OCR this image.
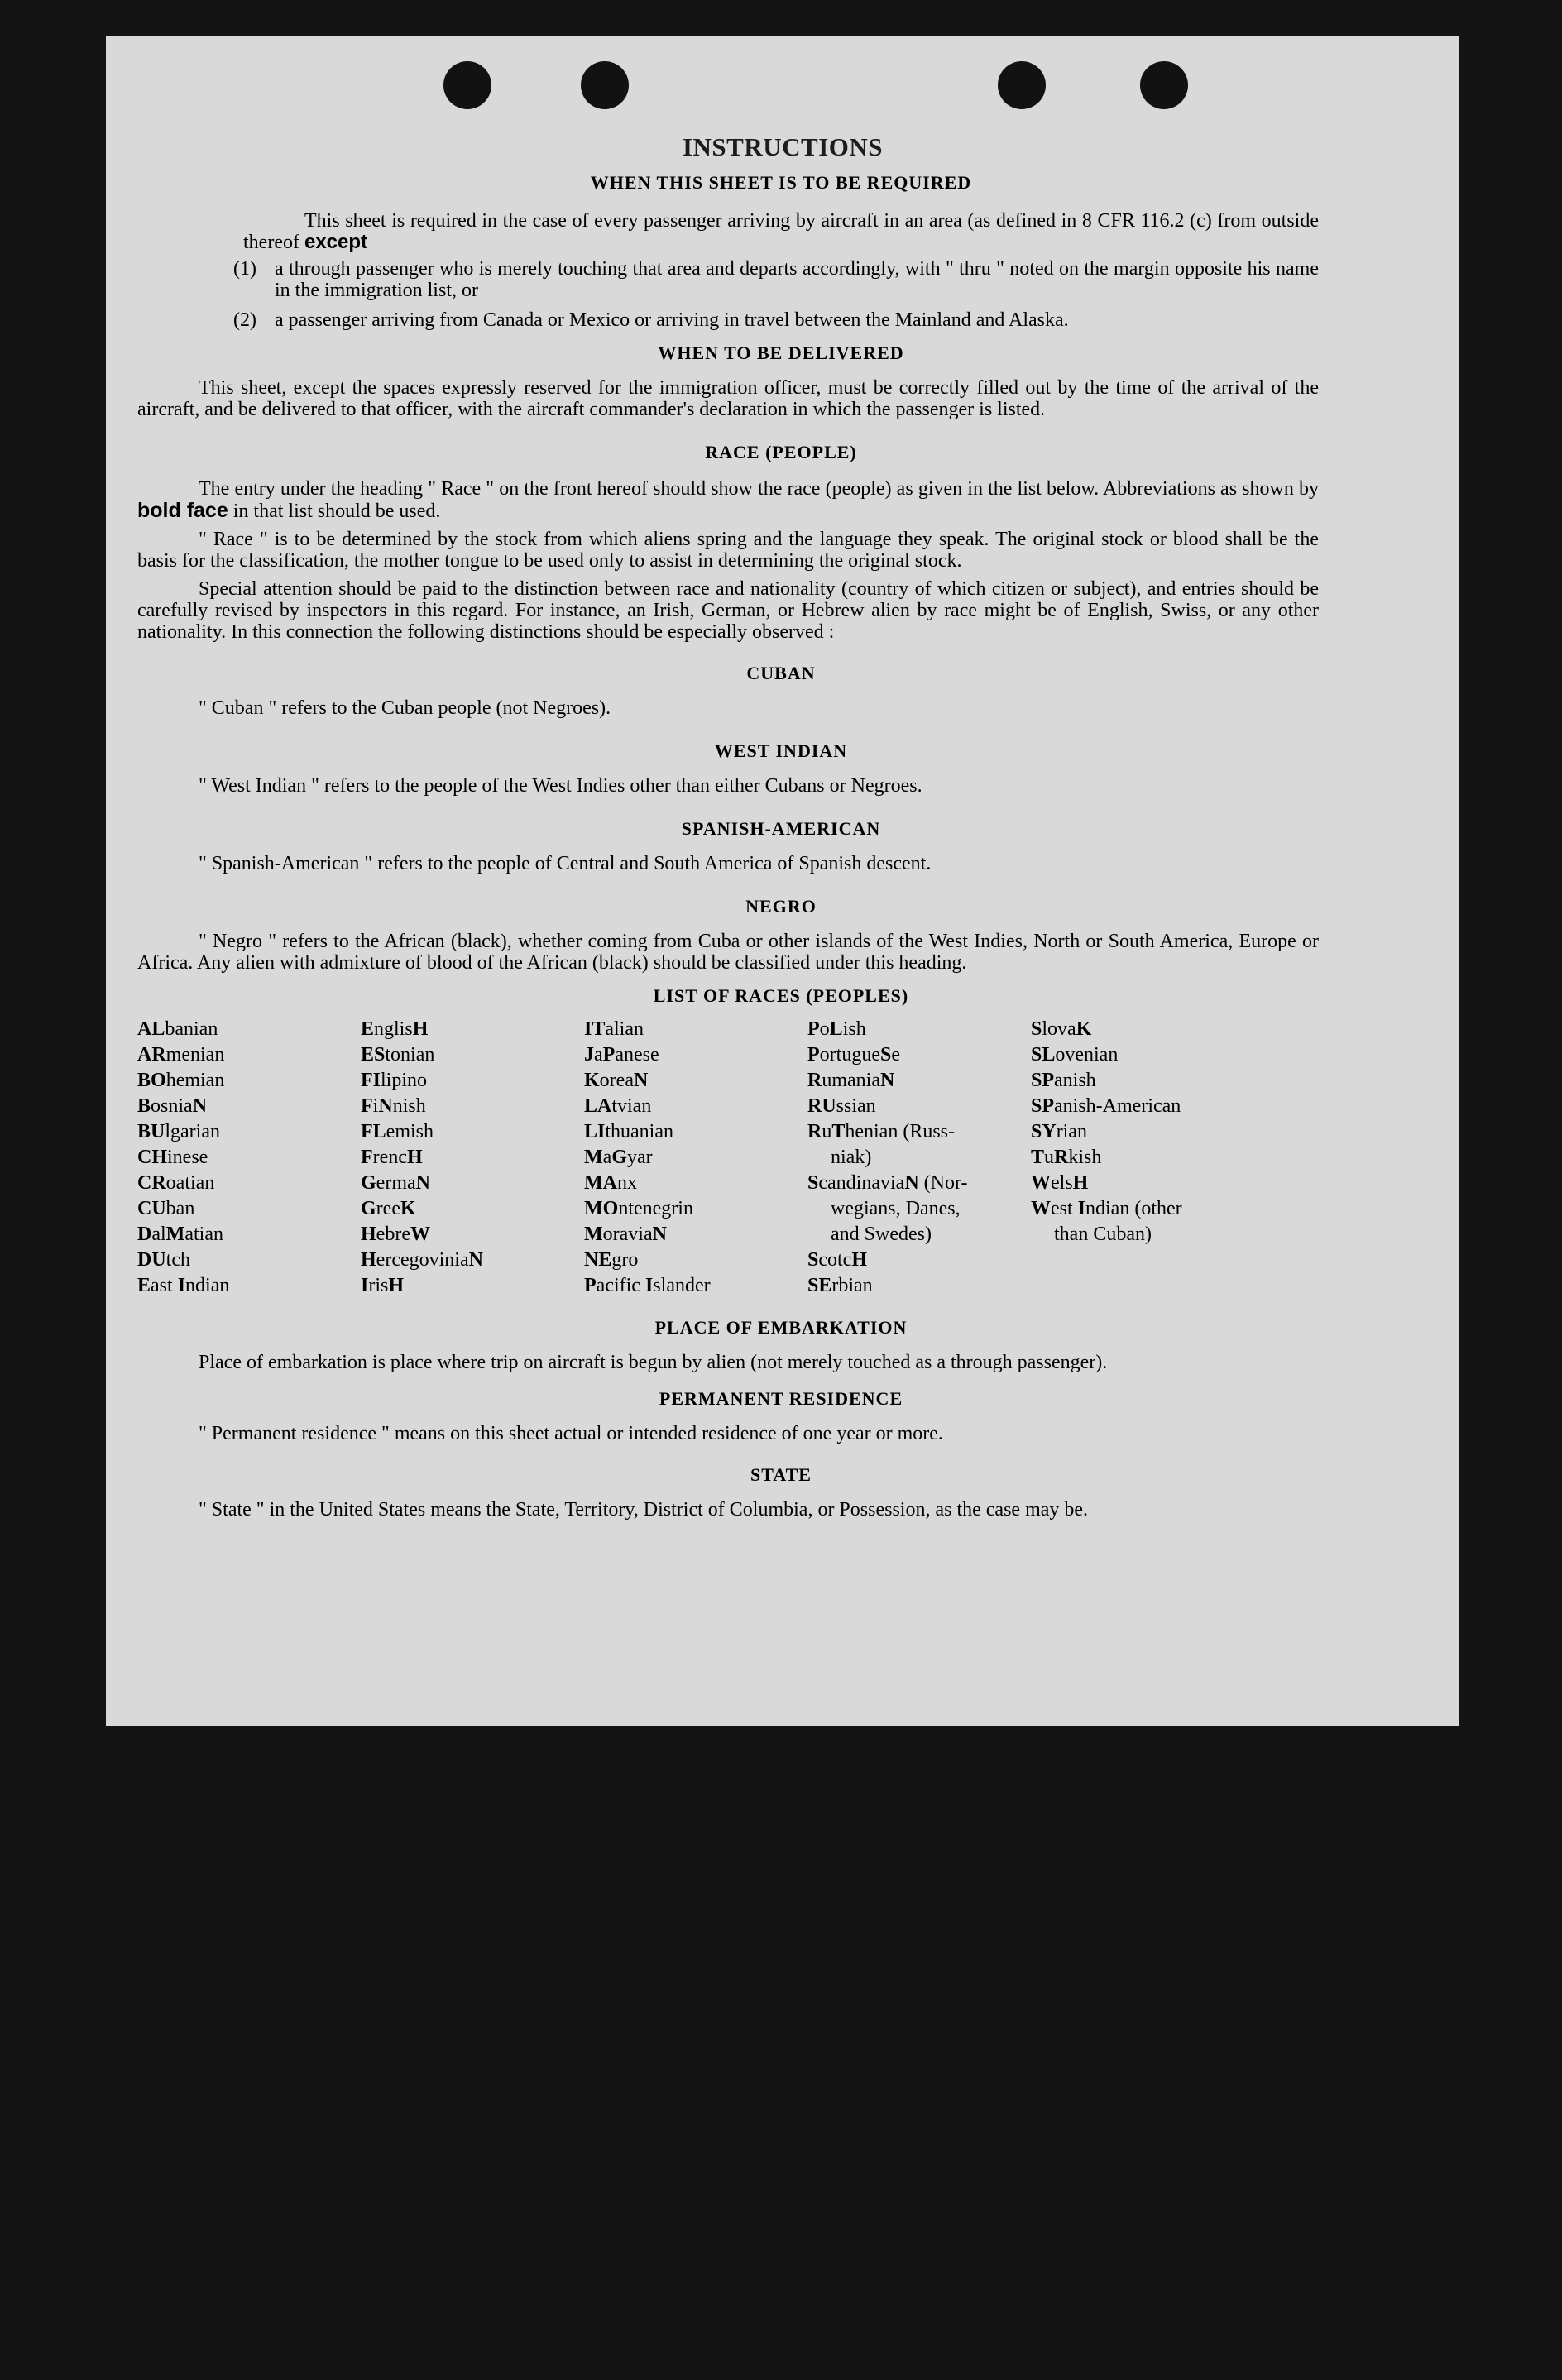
INSTRUCTIONS
WHEN THIS SHEET IS TO BE REQUIRED

This sheet is required in the case of every passenger arriving by aircraft in an area (as defined in 8 CFR 116.2 (c) from outside thereof except

(1) a through passenger who is merely touching that area and departs accordingly, with " thru " noted on the margin opposite his name in the immigration list, or

(2) a passenger arriving from Canada or Mexico or arriving in travel between the Mainland and Alaska.

WHEN TO BE DELIVERED

This sheet, except the spaces expressly reserved for the immigration officer, must be correctly filled out by the time of the arrival of the aircraft, and be delivered to that officer, with the aircraft commander's declaration in which the passenger is listed.

RACE (PEOPLE)

The entry under the heading " Race " on the front hereof should show the race (people) as given in the list below. Abbreviations as shown by bold face in that list should be used.

" Race " is to be determined by the stock from which aliens spring and the language they speak. The original stock or blood shall be the basis for the classification, the mother tongue to be used only to assist in determining the original stock.

Special attention should be paid to the distinction between race and nationality (country of which citizen or subject), and entries should be carefully revised by inspectors in this regard. For instance, an Irish, German, or Hebrew alien by race might be of English, Swiss, or any other nationality. In this connection the following distinctions should be especially observed :

CUBAN

" Cuban " refers to the Cuban people (not Negroes).

WEST INDIAN

" West Indian " refers to the people of the West Indies other than either Cubans or Negroes.

SPANISH-AMERICAN

" Spanish-American " refers to the people of Central and South America of Spanish descent.

NEGRO

" Negro " refers to the African (black), whether coming from Cuba or other islands of the West Indies, North or South America, Europe or Africa. Any alien with admixture of blood of the African (black) should be classified under this heading.

LIST OF RACES (PEOPLES)
ALbanian
ARmenian
BOhemian
BosniaN
BUlgarian
CHinese
CRoatian
CUban
DalMatian
DUtch
East Indian
EnglisH
EStonian
FIlipino
FiNnish
FLemish
FrencH
GermaN
GreeK
HebreW
HercegoviniaN
IrisH
ITalian
JaPanese
KoreaN
LAtvian
LIthuanian
MaGyar
MAnx
MOntenegrin
MoraviaN
NEgro
Pacific Islander
PoLish
PortugueSe
RumaniaN
RUssian
RuThenian (Russ-
niak)
ScandinaviaN (Nor-
wegians, Danes,
and Swedes)
ScotcH
SErbian
SlovaK
SLovenian
SPanish
SPanish-American
SYrian
TuRkish
WelsH
West Indian (other
than Cuban)
PLACE OF EMBARKATION

Place of embarkation is place where trip on aircraft is begun by alien (not merely touched as a through passenger).

PERMANENT RESIDENCE

" Permanent residence " means on this sheet actual or intended residence of one year or more.

STATE

" State " in the United States means the State, Territory, District of Columbia, or Possession, as the case may be.
